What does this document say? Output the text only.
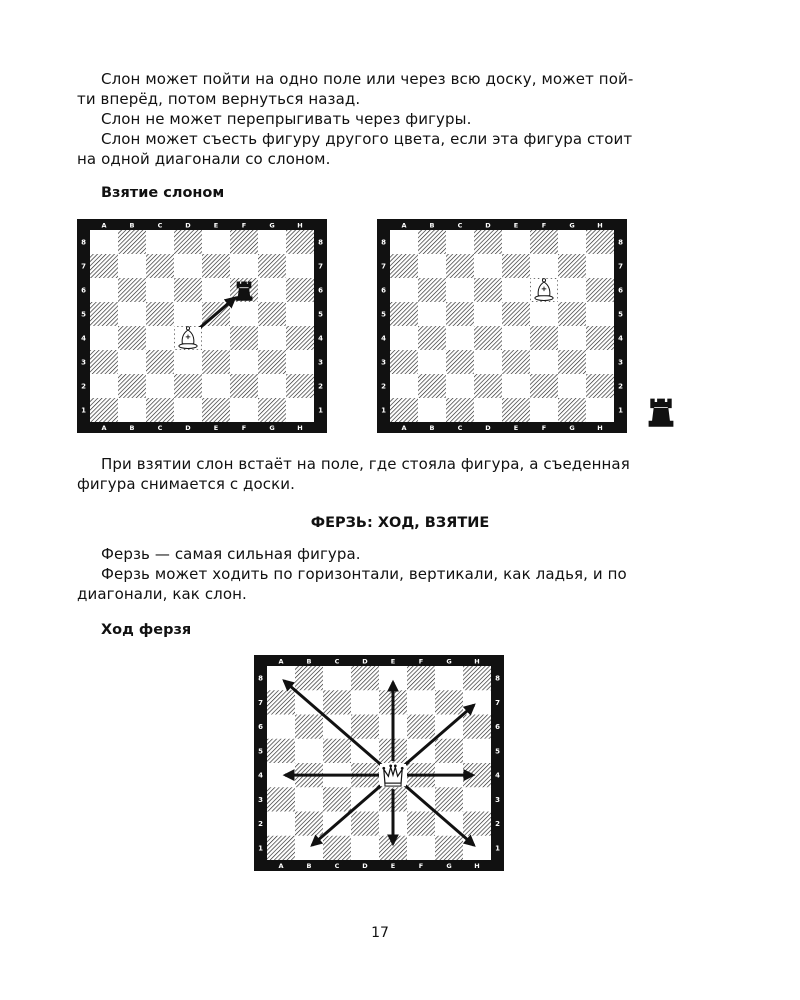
Слон может пойти на одно поле или через всю доску, может пой-
ти вперёд, потом вернуться назад.
Слон не может перепрыгивать через фигуры.
Слон может съесть фигуру другого цвета, если эта фигура стоит
на одной диагонали со слоном.

Взятие слоном
A
A
B
B
C
C
D
D
E
E
F
F
G
G
H
H
1	1
2	2
3	3
4	4
5	5
6	6
7	7
8	8
A
A
B
B
C
C
D
D
E
E
F
F
G
G
H
H
1	1
2	2
3	3
4	4
5	5
6	6
7	7
8	8

При взятии слон встаёт на поле, где стояла фигура, а съеденная
фигура снимается с доски.

ФЕРЗЬ: ХОД, ВЗЯТИЕ

Ферзь — самая сильная фигура.
Ферзь может ходить по горизонтали, вертикали, как ладья, и по
диагонали, как слон.

Ход ферзя
A
A
B
B
C
C
D
D
E
E
F
F
G
G
H
H
1	1
2	2
3	3
4	4
5	5
6	6
7	7
8	8
17
